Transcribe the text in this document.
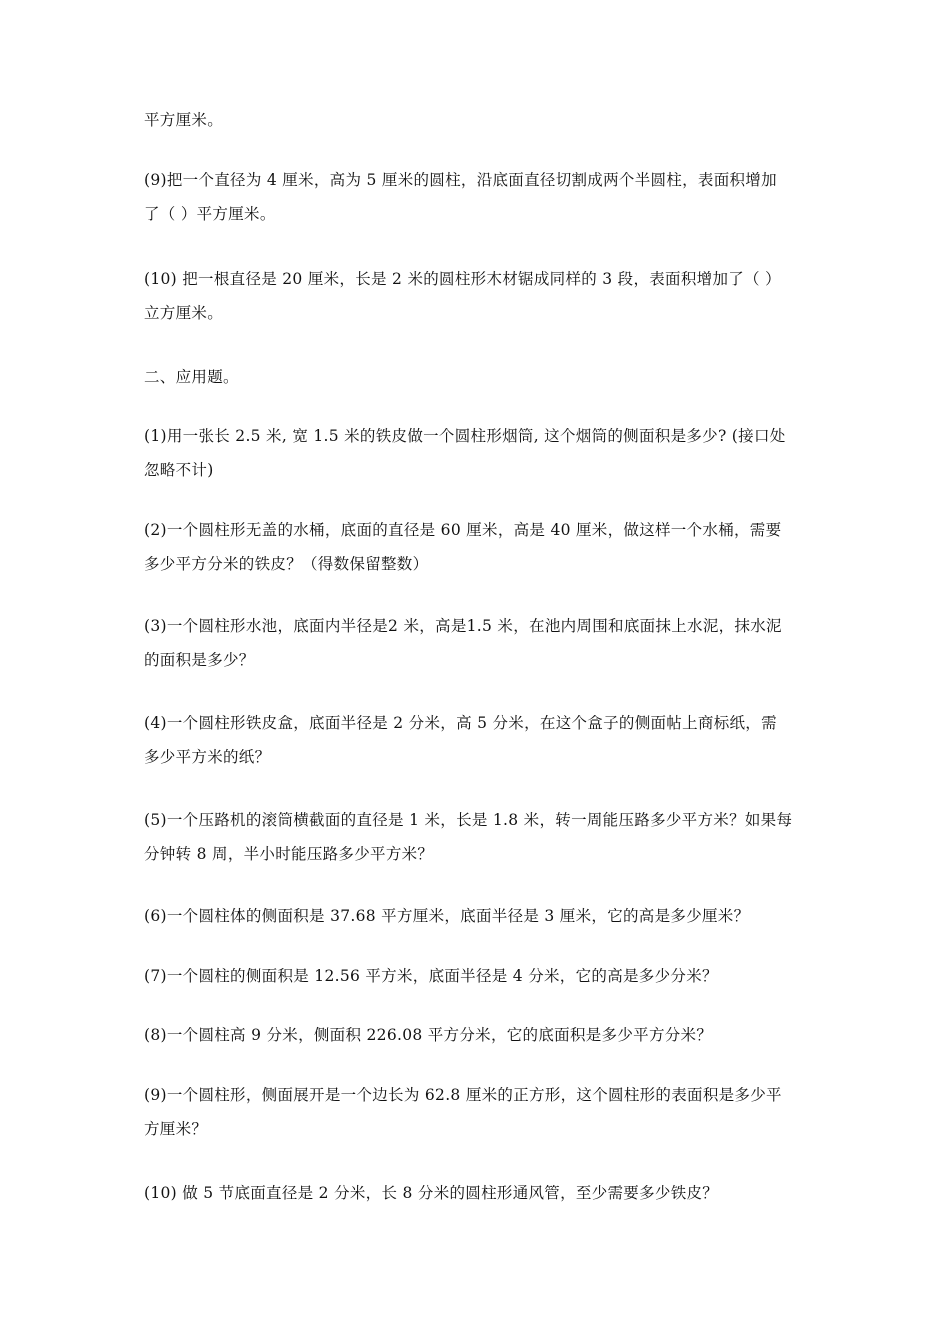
平方厘米。

(9)把一个直径为 4 厘米，高为 5 厘米的圆柱，沿底面直径切割成两个半圆柱，表面积增加
了（ ）平方厘米。

(10) 把一根直径是 20 厘米，长是 2 米的圆柱形木材锯成同样的 3 段，表面积增加了（ ）
立方厘米。

二、应用题。

(1)用一张长 2.5 米, 宽 1.5 米的铁皮做一个圆柱形烟筒, 这个烟筒的侧面积是多少? (接口处
忽略不计)

(2)一个圆柱形无盖的水桶，底面的直径是 60 厘米，高是 40 厘米，做这样一个水桶，需要
多少平方分米的铁皮？（得数保留整数）

(3)一个圆柱形水池，底面内半径是2 米，高是1.5 米，在池内周围和底面抹上水泥，抹水泥
的面积是多少？

(4)一个圆柱形铁皮盒，底面半径是 2 分米，高 5 分米，在这个盒子的侧面帖上商标纸，需
多少平方米的纸？

(5)一个压路机的滚筒横截面的直径是 1 米，长是 1.8 米，转一周能压路多少平方米？如果每
分钟转 8 周，半小时能压路多少平方米？

(6)一个圆柱体的侧面积是 37.68 平方厘米，底面半径是 3 厘米，它的高是多少厘米？

(7)一个圆柱的侧面积是 12.56 平方米，底面半径是 4 分米，它的高是多少分米？

(8)一个圆柱高 9 分米，侧面积 226.08 平方分米，它的底面积是多少平方分米？

(9)一个圆柱形，侧面展开是一个边长为 62.8 厘米的正方形，这个圆柱形的表面积是多少平
方厘米？

(10) 做 5 节底面直径是 2 分米，长 8 分米的圆柱形通风管，至少需要多少铁皮？
